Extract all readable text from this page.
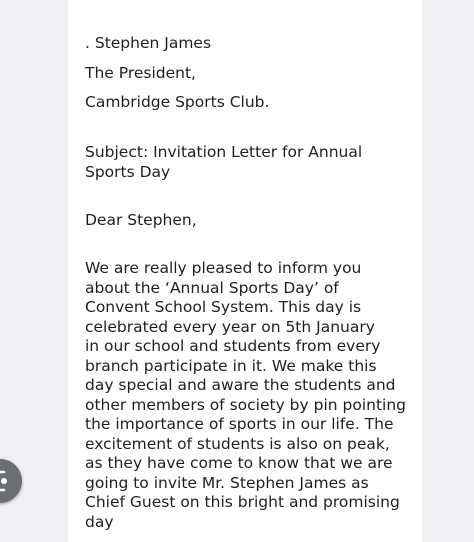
. Stephen James
The President,
Cambridge Sports Club.
Subject: Invitation Letter for Annual
Sports Day
Dear Stephen,
We are really pleased to inform you
about the ‘Annual Sports Day’ of
Convent School System. This day is
celebrated every year on 5th January
in our school and students from every
branch participate in it. We make this
day special and aware the students and
other members of society by pin pointing
the importance of sports in our life. The
excitement of students is also on peak,
as they have come to know that we are
going to invite Mr. Stephen James as
Chief Guest on this bright and promising
day
